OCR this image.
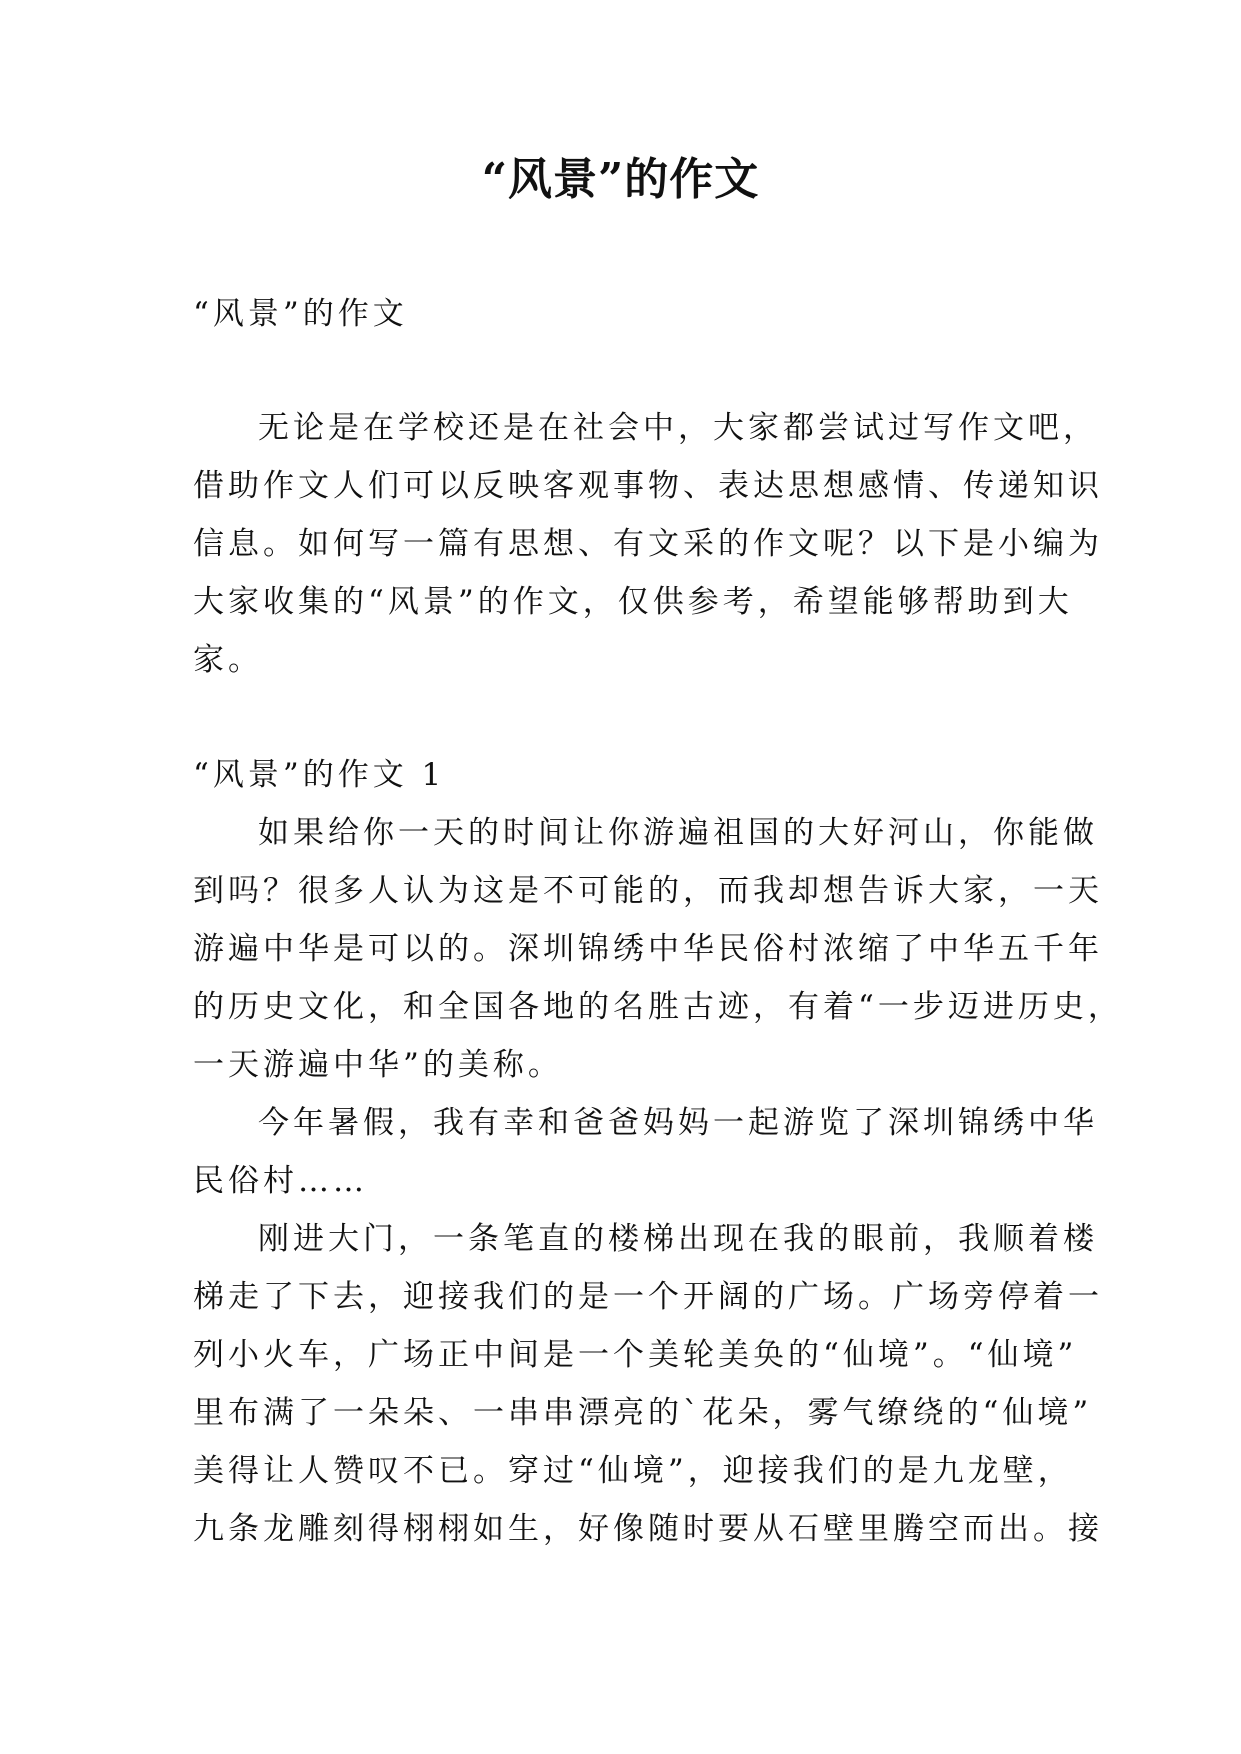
“风景”的作文
“风景”的作文
无论是在学校还是在社会中，大家都尝试过写作文吧，
借助作文人们可以反映客观事物、表达思想感情、传递知识
信息。如何写一篇有思想、有文采的作文呢？以下是小编为
大家收集的“风景”的作文，仅供参考，希望能够帮助到大
家。
“风景”的作文 1
如果给你一天的时间让你游遍祖国的大好河山，你能做
到吗？很多人认为这是不可能的，而我却想告诉大家，一天
游遍中华是可以的。深圳锦绣中华民俗村浓缩了中华五千年
的历史文化，和全国各地的名胜古迹，有着“一步迈进历史，
一天游遍中华”的美称。
今年暑假，我有幸和爸爸妈妈一起游览了深圳锦绣中华
民俗村……
刚进大门，一条笔直的楼梯出现在我的眼前，我顺着楼
梯走了下去，迎接我们的是一个开阔的广场。广场旁停着一
列小火车，广场正中间是一个美轮美奂的“仙境”。“仙境”
里布满了一朵朵、一串串漂亮的`花朵，雾气缭绕的“仙境”
美得让人赞叹不已。穿过“仙境”，迎接我们的是九龙壁，
九条龙雕刻得栩栩如生，好像随时要从石壁里腾空而出。接
